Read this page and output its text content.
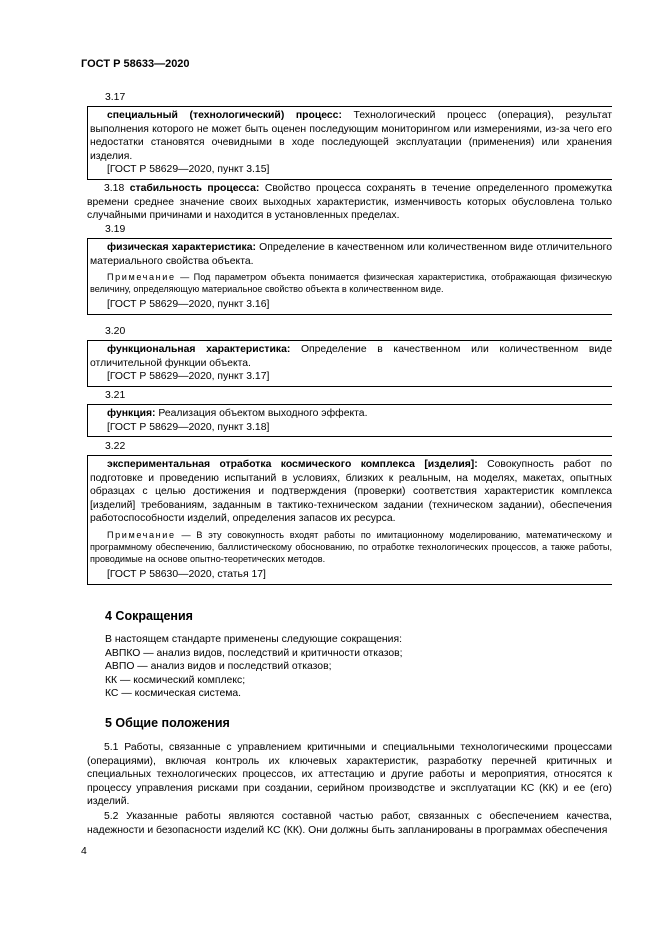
ГОСТ Р 58633—2020
3.17

специальный (технологический) процесс: Технологический процесс (операция), результат выполнения которого не может быть оценен последующим мониторингом или измерениями, из-за чего его недостатки становятся очевидными в ходе последующей эксплуатации (применения) или хранения изделия.

[ГОСТ Р 58629—2020, пункт 3.15]

3.18 стабильность процесса: Свойство процесса сохранять в течение определенного промежутка времени среднее значение своих выходных характеристик, изменчивость которых обусловлена только случайными причинами и находится в установленных пределах.

3.19

физическая характеристика: Определение в качественном или количественном виде отличительного материального свойства объекта.

Примечание — Под параметром объекта понимается физическая характеристика, отображающая физическую величину, определяющую материальное свойство объекта в количественном виде.

[ГОСТ Р 58629—2020, пункт 3.16]

3.20

функциональная характеристика: Определение в качественном или количественном виде отличительной функции объекта.

[ГОСТ Р 58629—2020, пункт 3.17]

3.21

функция: Реализация объектом выходного эффекта.

[ГОСТ Р 58629—2020, пункт 3.18]

3.22

экспериментальная отработка космического комплекса [изделия]: Совокупность работ по подготовке и проведению испытаний в условиях, близких к реальным, на моделях, макетах, опытных образцах с целью достижения и подтверждения (проверки) соответствия характеристик комплекса [изделий] требованиям, заданным в тактико-техническом задании (техническом задании), обеспечения работоспособности изделий, определения запасов их ресурса.

Примечание — В эту совокупность входят работы по имитационному моделированию, математическому и программному обеспечению, баллистическому обоснованию, по отработке технологических процессов, а также работы, проводимые на основе опытно-теоретических методов.

[ГОСТ Р 58630—2020, статья 17]

4 Сокращения
В настоящем стандарте применены следующие сокращения:
АВПКО — анализ видов, последствий и критичности отказов;
АВПО — анализ видов и последствий отказов;
КК — космический комплекс;
КС — космическая система.
5 Общие положения

5.1 Работы, связанные с управлением критичными и специальными технологическими процессами (операциями), включая контроль их ключевых характеристик, разработку перечней критичных и специальных технологических процессов, их аттестацию и другие работы и мероприятия, относятся к процессу управления рисками при создании, серийном производстве и эксплуатации КС (КК) и ее (его) изделий.

5.2 Указанные работы являются составной частью работ, связанных с обеспечением качества, надежности и безопасности изделий КС (КК). Они должны быть запланированы в программах обеспечения

4
